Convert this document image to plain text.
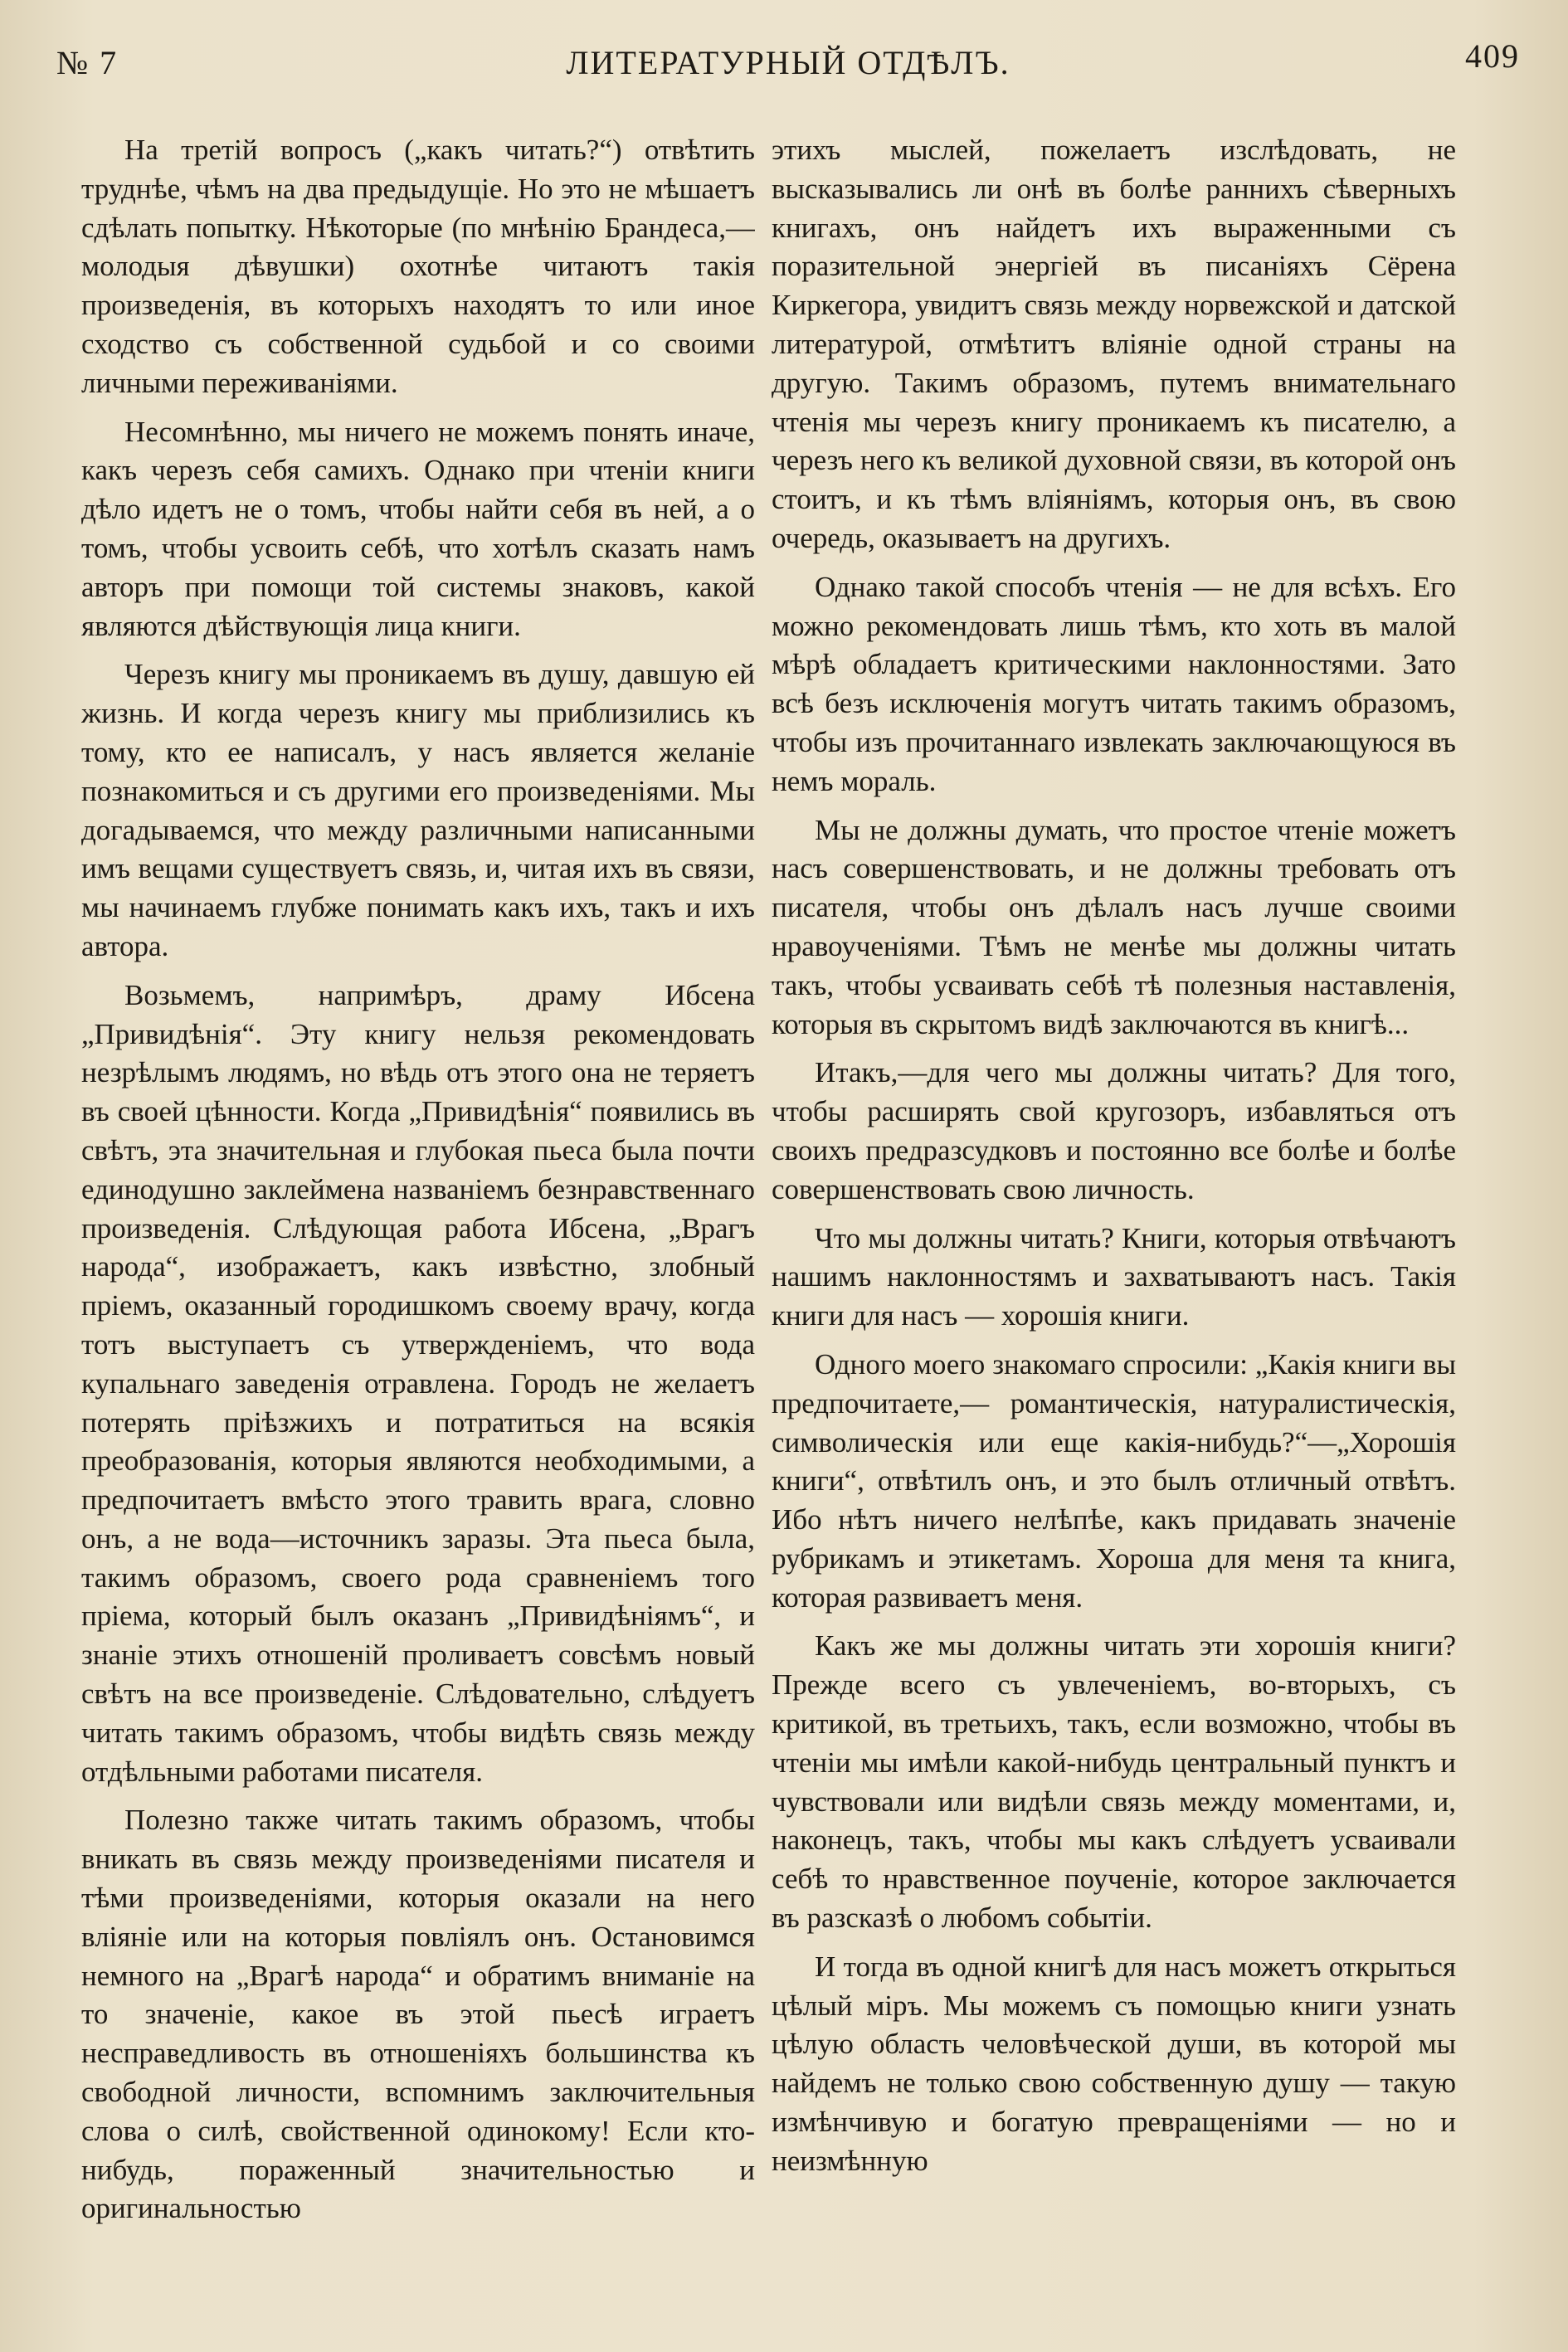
№ 7	ЛИТЕРАТУРНЫЙ ОТДѢЛЪ.	409

На третій вопросъ („какъ читать?“) отвѣтить труднѣе, чѣмъ на два предыдущіе. Но это не мѣшаетъ сдѣлать попытку. Нѣкоторые (по мнѣнію Брандеса,—молодыя дѣвушки) охотнѣе читаютъ такія произведенія, въ которыхъ находятъ то или иное сходство съ собственной судьбой и со своими личными переживаніями.

Несомнѣнно, мы ничего не можемъ понять иначе, какъ черезъ себя самихъ. Однако при чтеніи книги дѣло идетъ не о томъ, чтобы найти себя въ ней, а о томъ, чтобы усвоить себѣ, что хотѣлъ сказать намъ авторъ при помощи той системы знаковъ, какой являются дѣйствующія лица книги.

Черезъ книгу мы проникаемъ въ душу, давшую ей жизнь. И когда черезъ книгу мы приблизились къ тому, кто ее написалъ, у насъ является желаніе познакомиться и съ другими его произведеніями. Мы догадываемся, что между различными написанными имъ вещами существуетъ связь, и, читая ихъ въ связи, мы начинаемъ глубже понимать какъ ихъ, такъ и ихъ автора.

Возьмемъ, напримѣръ, драму Ибсена „Привидѣнія“. Эту книгу нельзя рекомендовать незрѣлымъ людямъ, но вѣдь отъ этого она не теряетъ въ своей цѣнности. Когда „Привидѣнія“ появились въ свѣтъ, эта значительная и глубокая пьеса была почти единодушно заклеймена названіемъ безнравственнаго произведенія. Слѣдующая работа Ибсена, „Врагъ народа“, изображаетъ, какъ извѣстно, злобный пріемъ, оказанный городишкомъ своему врачу, когда тотъ выступаетъ съ утвержденіемъ, что вода купальнаго заведенія отравлена. Городъ не желаетъ потерять пріѣзжихъ и потратиться на всякія преобразованія, которыя являются необходимыми, а предпочитаетъ вмѣсто этого травить врага, словно онъ, а не вода—источникъ заразы. Эта пьеса была, такимъ образомъ, своего рода сравненіемъ того пріема, который былъ оказанъ „Привидѣніямъ“, и знаніе этихъ отношеній проливаетъ совсѣмъ новый свѣтъ на все произведеніе. Слѣдовательно, слѣдуетъ читать такимъ образомъ, чтобы видѣть связь между отдѣльными работами писателя.

Полезно также читать такимъ образомъ, чтобы вникать въ связь между произведеніями писателя и тѣми произведеніями, которыя оказали на него вліяніе или на которыя повліялъ онъ. Остановимся немного на „Врагѣ народа“ и обратимъ вниманіе на то значеніе, какое въ этой пьесѣ играетъ несправедливость въ отношеніяхъ большинства къ свободной личности, вспомнимъ заключительныя слова о силѣ, свойственной одинокому! Если кто-нибудь, пораженный значительностью и оригинальностью

этихъ мыслей, пожелаетъ изслѣдовать, не высказывались ли онѣ въ болѣе раннихъ сѣверныхъ книгахъ, онъ найдетъ ихъ выраженными съ поразительной энергіей въ писаніяхъ Сёрена Киркегора, увидитъ связь между норвежской и датской литературой, отмѣтитъ вліяніе одной страны на другую. Такимъ образомъ, путемъ внимательнаго чтенія мы черезъ книгу проникаемъ къ писателю, а черезъ него къ великой духовной связи, въ которой онъ стоитъ, и къ тѣмъ вліяніямъ, которыя онъ, въ свою очередь, оказываетъ на другихъ.

Однако такой способъ чтенія — не для всѣхъ. Его можно рекомендовать лишь тѣмъ, кто хоть въ малой мѣрѣ обладаетъ критическими наклонностями. Зато всѣ безъ исключенія могутъ читать такимъ образомъ, чтобы изъ прочитаннаго извлекать заключающуюся въ немъ мораль.

Мы не должны думать, что простое чтеніе можетъ насъ совершенствовать, и не должны требовать отъ писателя, чтобы онъ дѣлалъ насъ лучше своими нравоученіями. Тѣмъ не менѣе мы должны читать такъ, чтобы усваивать себѣ тѣ полезныя наставленія, которыя въ скрытомъ видѣ заключаются въ книгѣ...

Итакъ,—для чего мы должны читать? Для того, чтобы расширять свой кругозоръ, избавляться отъ своихъ предразсудковъ и постоянно все болѣе и болѣе совершенствовать свою личность.

Что мы должны читать? Книги, которыя отвѣчаютъ нашимъ наклонностямъ и захватываютъ насъ. Такія книги для насъ — хорошія книги.

Одного моего знакомаго спросили: „Какія книги вы предпочитаете,— романтическія, натуралистическія, символическія или еще какія-нибудь?“—„Хорошія книги“, отвѣтилъ онъ, и это былъ отличный отвѣтъ. Ибо нѣтъ ничего нелѣпѣе, какъ придавать значеніе рубрикамъ и этикетамъ. Хороша для меня та книга, которая развиваетъ меня.

Какъ же мы должны читать эти хорошія книги? Прежде всего съ увлеченіемъ, во-вторыхъ, съ критикой, въ третьихъ, такъ, если возможно, чтобы въ чтеніи мы имѣли какой-нибудь центральный пунктъ и чувствовали или видѣли связь между моментами, и, наконецъ, такъ, чтобы мы какъ слѣдуетъ усваивали себѣ то нравственное поученіе, которое заключается въ разсказѣ о любомъ событіи.

И тогда въ одной книгѣ для насъ можетъ открыться цѣлый міръ. Мы можемъ съ помощью книги узнать цѣлую область человѣческой души, въ которой мы найдемъ не только свою собственную душу — такую измѣнчивую и богатую превращеніями — но и неизмѣнную
